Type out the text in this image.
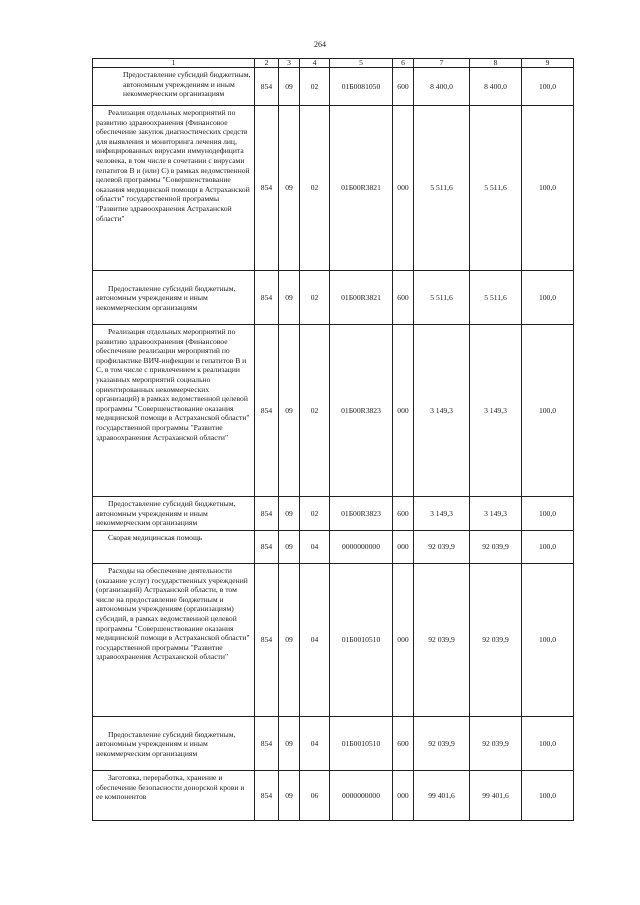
264
1	2	3	4	5	6	7	8	9
Предоставление субсидий бюджетным, автономным учреждениям и иным некоммерческим организациям	854	09	02	01Б0081050	600	8 400,0	8 400,0	100,0
Реализация отдельных мероприятий по развитию здравоохранения (Финансовое обеспечение закупок диагностических средств для выявления и мониторинга лечения лиц, инфицированных вирусами иммунодефицита человека, в том числе в сочетании с вирусами гепатитов В и (или) С) в рамках ведомственной целевой программы "Совершенствование оказания медицинской помощи в Астраханской области" государственной программы "Развитие здравоохранения Астраханской области"	854	09	02	01Б00R3821	000	5 511,6	5 511,6	100,0
Предоставление субсидий бюджетным, автономным учреждениям и иным некоммерческим организациям	854	09	02	01Б00R3821	600	5 511,6	5 511,6	100,0
Реализация отдельных мероприятий по развитию здравоохранения (Финансовое обеспечение реализации мероприятий по профилактике ВИЧ-инфекции и гепатитов В и С, в том числе с привлечением к реализации указанных мероприятий социально ориентированных некоммерческих организаций) в рамках ведомственной целевой программы "Совершенствование оказания медицинской помощи в Астраханской области" государственной программы "Развитие здравоохранения Астраханской области"	854	09	02	01Б00R3823	000	3 149,3	3 149,3	100,0
Предоставление субсидий бюджетным, автономным учреждениям и иным некоммерческим организациям	854	09	02	01Б00R3823	600	3 149,3	3 149,3	100,0
Скорая медицинская помощь	854	09	04	0000000000	000	92 039,9	92 039,9	100,0
Расходы на обеспечение деятельности (оказание услуг) государственных учреждений (организаций) Астраханской области, в том числе на предоставление бюджетным и автономным учреждениям (организациям) субсидий, в рамках ведомственной целевой программы "Совершенствование оказания медицинской помощи в Астраханской области" государственной программы "Развитие здравоохранения Астраханской области"	854	09	04	01Б0010510	000	92 039,9	92 039,9	100,0
Предоставление субсидий бюджетным, автономным учреждениям и иным некоммерческим организациям	854	09	04	01Б0010510	600	92 039,9	92 039,9	100,0
Заготовка, переработка, хранение и обеспечение безопасности донорской крови и ее компонентов	854	09	06	0000000000	000	99 401,6	99 401,6	100,0
